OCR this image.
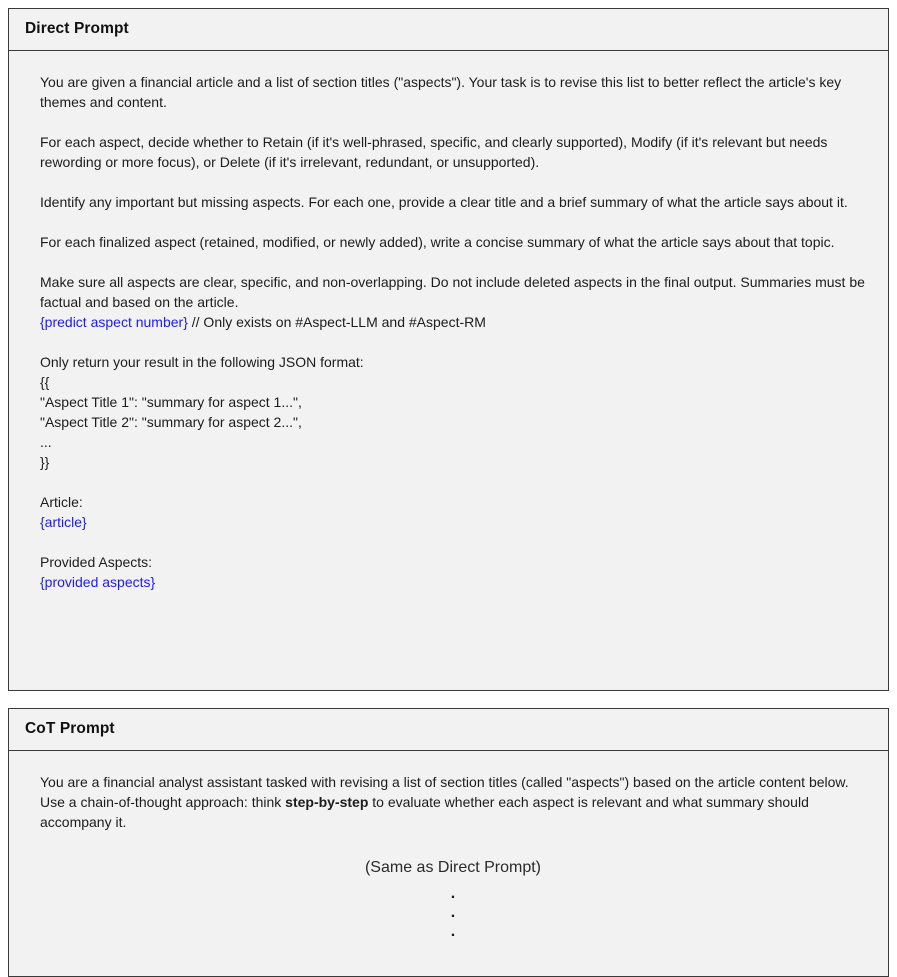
Direct Prompt

You are given a financial article and a list of section titles ("aspects"). Your task is to revise this list to better reflect the article's key themes and content.

For each aspect, decide whether to Retain (if it's well-phrased, specific, and clearly supported), Modify (if it's relevant but needs rewording or more focus), or Delete (if it's irrelevant, redundant, or unsupported).

Identify any important but missing aspects. For each one, provide a clear title and a brief summary of what the article says about it.

For each finalized aspect (retained, modified, or newly added), write a concise summary of what the article says about that topic.

Make sure all aspects are clear, specific, and non-overlapping. Do not include deleted aspects in the final output. Summaries must be factual and based on the article.

{predict aspect number} // Only exists on #Aspect-LLM and #Aspect-RM

Only return your result in the following JSON format:
{{
"Aspect Title 1": "summary for aspect 1...",
"Aspect Title 2": "summary for aspect 2...",
...
}}
Article:
{article}
Provided Aspects:
{provided aspects}
CoT Prompt

You are a financial analyst assistant tasked with revising a list of section titles (called "aspects") based on the article content below. Use a chain-of-thought approach: think step-by-step to evaluate whether each aspect is relevant and what summary should accompany it.

(Same as Direct Prompt)
.
.
.
